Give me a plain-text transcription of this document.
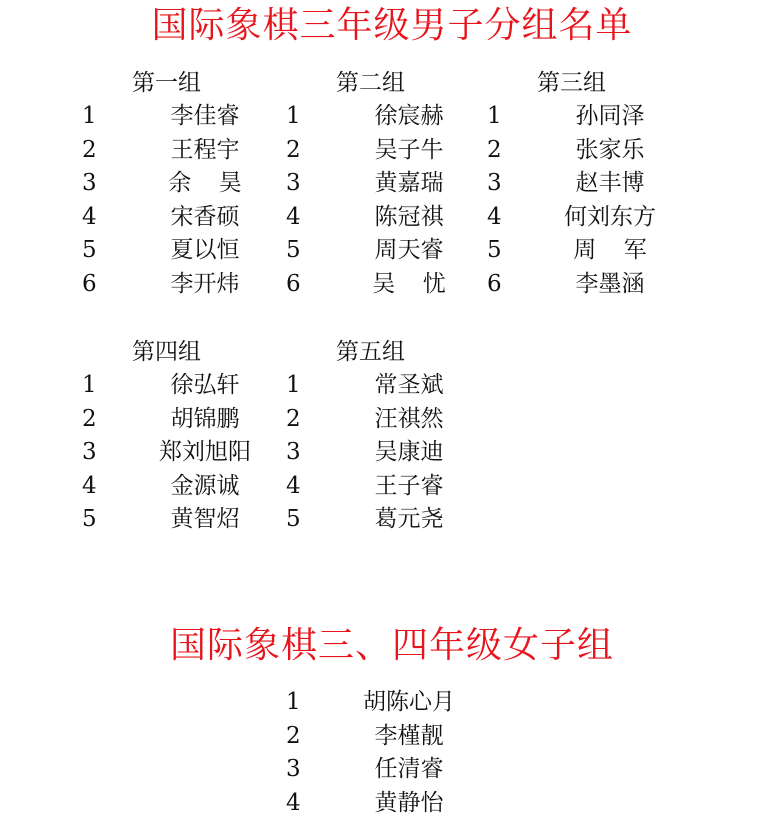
国际象棋三年级男子分组名单
第一组
1	李佳睿
2	王程宇
3	余昊
4	宋香硕
5	夏以恒
6	李开炜
第二组
1	徐宸赫
2	吴子牛
3	黄嘉瑞
4	陈冠祺
5	周天睿
6	吴忧
第三组
1	孙同泽
2	张家乐
3	赵丰博
4	何刘东方
5	周军
6	李墨涵
第四组
1	徐弘轩
2	胡锦鹏
3	郑刘旭阳
4	金源诚
5	黄智炤
第五组
1	常圣斌
2	汪祺然
3	吴康迪
4	王子睿
5	葛元尧
国际象棋三、四年级女子组
1	胡陈心月
2	李槿靓
3	任清睿
4	黄静怡
